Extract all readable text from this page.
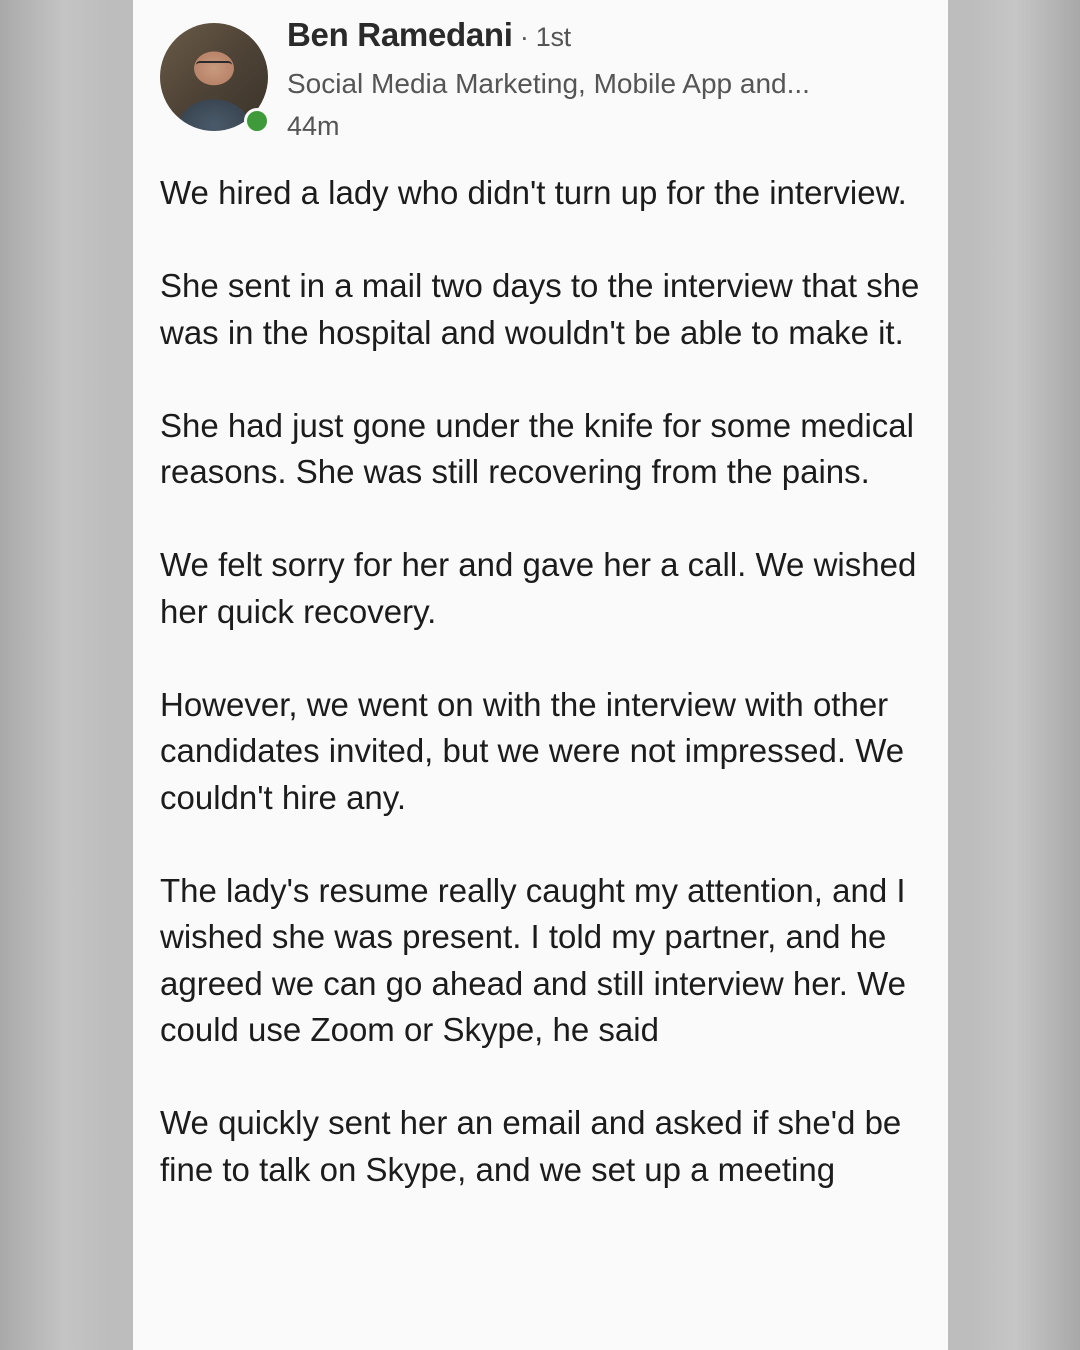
Ben Ramedani · 1st
Social Media Marketing, Mobile App and...
44m

We hired a lady who didn't turn up for the interview.

She sent in a mail two days to the interview that she was in the hospital and wouldn't be able to make it.

She had just gone under the knife for some medical reasons. She was still recovering from the pains.

We felt sorry for her and gave her a call. We wished her quick recovery.

However, we went on with the interview with other candidates invited, but we were not impressed. We couldn't hire any.

The lady's resume really caught my attention, and I wished she was present. I told my partner, and he agreed we can go ahead and still interview her. We could use Zoom or Skype, he said

We quickly sent her an email and asked if she'd be fine to talk on Skype, and we set up a meeting
